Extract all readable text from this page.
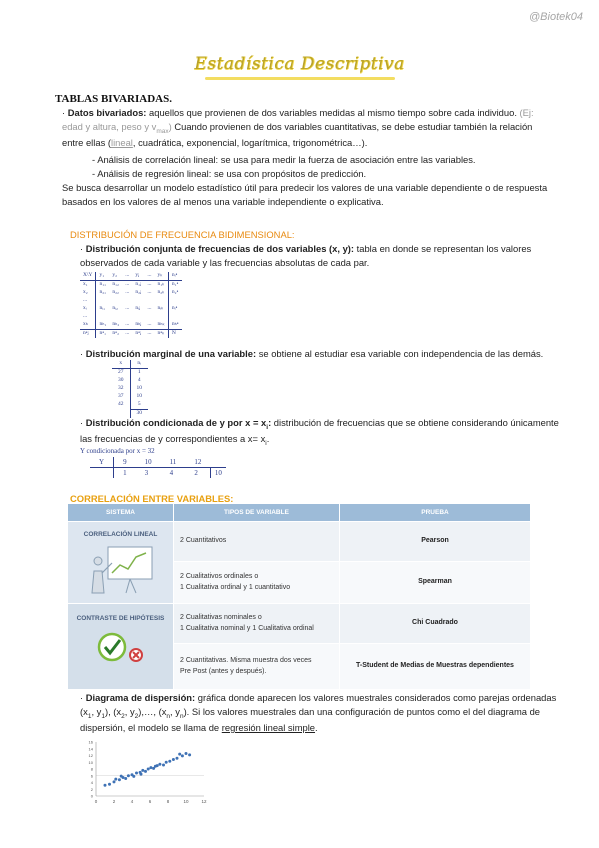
@Biotek04
Estadística Descriptiva
TABLAS BIVARIADAS.
· Datos bivariados: aquellos que provienen de dos variables medidas al mismo tiempo sobre cada individuo. (Ej: edad y altura, peso y $v_{max}$) Cuando provienen de dos variables cuantitativas, se debe estudiar también la relación entre ellas (lineal, cuadrática, exponencial, logarítmica, trigonométrica…).
- Análisis de correlación lineal: se usa para medir la fuerza de asociación entre las variables.
- Análisis de regresión lineal: se usa con propósitos de predicción.
Se busca desarrollar un modelo estadístico útil para predecir los valores de una variable dependiente o de respuesta basados en los valores de al menos una variable independiente o explicativa.
DISTRIBUCIÓN DE FRECUENCIA BIDIMENSIONAL:
· Distribución conjunta de frecuencias de dos variables (x, y): tabla en donde se representan los valores observados de cada variable y las frecuencias absolutas de cada par.
X\Y	y₁	y₂	...	yⱼ	...	yₖ	nᵢ•
x₁	n₁₁	n₁₂	...	n₁ⱼ	...	n₁ₖ	n₁•
x₂	n₂₁	n₂₂	...	n₂ⱼ	...	n₂ₖ	n₂•
...							
xᵢ	nᵢ₁	nᵢ₂	...	nᵢⱼ	...	nᵢₖ	nᵢ•
...							
xₕ	nₕ₁	nₕ₂	...	nₕⱼ	...	nₕₖ	nₕ•
n•ⱼ	n•₁	n•₂	...	n•ⱼ	...	n•ₖ	N
· Distribución marginal de una variable: se obtiene al estudiar esa variable con independencia de las demás.
x	nᵢ
27	1
30	4
32	10
37	10
42	5
	30
· Distribución condicionada de y por $x = x_i$: distribución de frecuencias que se obtiene considerando únicamente las frecuencias de y correspondientes a $x= x_i$.
Y condicionada por x = 32
Y	9	10	11	12	
	1	3	4	2	10
CORRELACIÓN ENTRE VARIABLES:
SISTEMA	TIPOS DE VARIABLE	PRUEBA

CORRELACIÓN LINEAL	2 Cuantitativos	Pearson

	2 Cualitativos ordinales o
1 Cualitativa ordinal y 1 cuantitativo	Spearman

CONTRASTE DE HIPÓTESIS	2 Cualitativas nominales o
1 Cualitativa nominal y 1 Cualitativa ordinal	Chi Cuadrado

	2 Cuantitativas. Misma muestra dos veces
Pre Post (antes y después).	T-Student de Medias de Muestras dependientes
· Diagrama de dispersión: gráfica donde aparecen los valores muestrales considerados como parejas ordenadas ($x_1$, $y_1$), ($x_2$, $y_2),\dots$, ($x_n$, $y_n$). Si los valores muestrales dan una configuración de puntos como el del diagrama de dispersión, el modelo se llama de regresión lineal simple.
0	2	4	6	8	10	12
0
2
4
6
8
10
12
14
16
